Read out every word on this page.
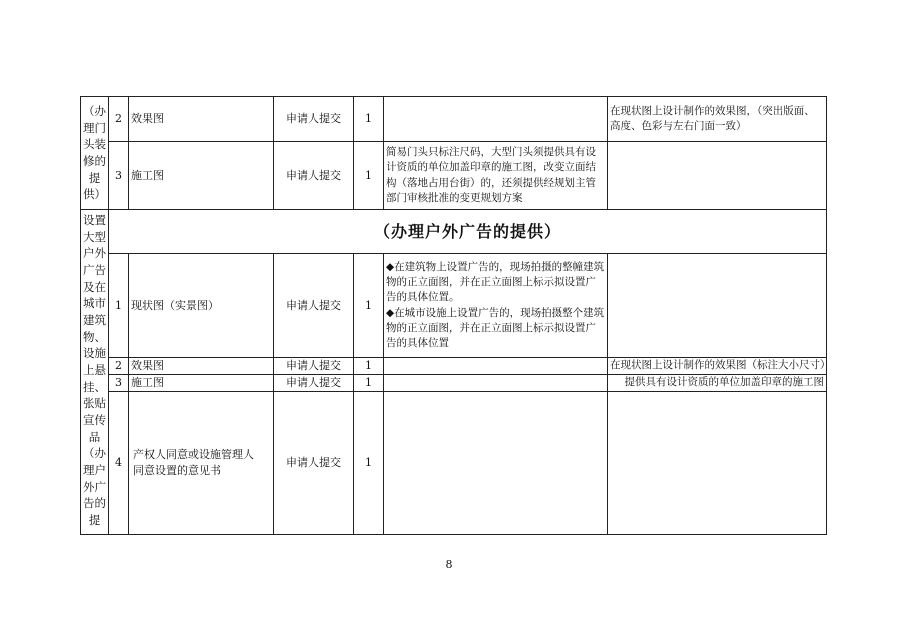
（办理门头装修的提供）	2	效果图	申请人提交	1		在现状图上设计制作的效果图，（突出版面、高度、色彩与左右门面一致）
	3	施工图	申请人提交	1	简易门头只标注尺码，大型门头须提供具有设计资质的单位加盖印章的施工图，改变立面结构（落地占用台街）的，还须提供经规划主管部门审核批准的变更规划方案	
设置大型户外广告及在城市建筑物、设施上悬挂、张贴宣传品（办理户外广告的提	（办理户外广告的提供）					
	1	现状图（实景图）	申请人提交	1	◆在建筑物上设置广告的，现场拍摄的整幢建筑物的正立面图，并在正立面图上标示拟设置广告的具体位置。
◆在城市设施上设置广告的，现场拍摄整个建筑物的正立面图，并在正立面图上标示拟设置广告的具体位置	
	2	效果图	申请人提交	1		在现状图上设计制作的效果图（标注大小尺寸）
	3	施工图	申请人提交	1		提供具有设计资质的单位加盖印章的施工图
	4	产权人同意或设施管理人同意设置的意见书	申请人提交	1		
8
